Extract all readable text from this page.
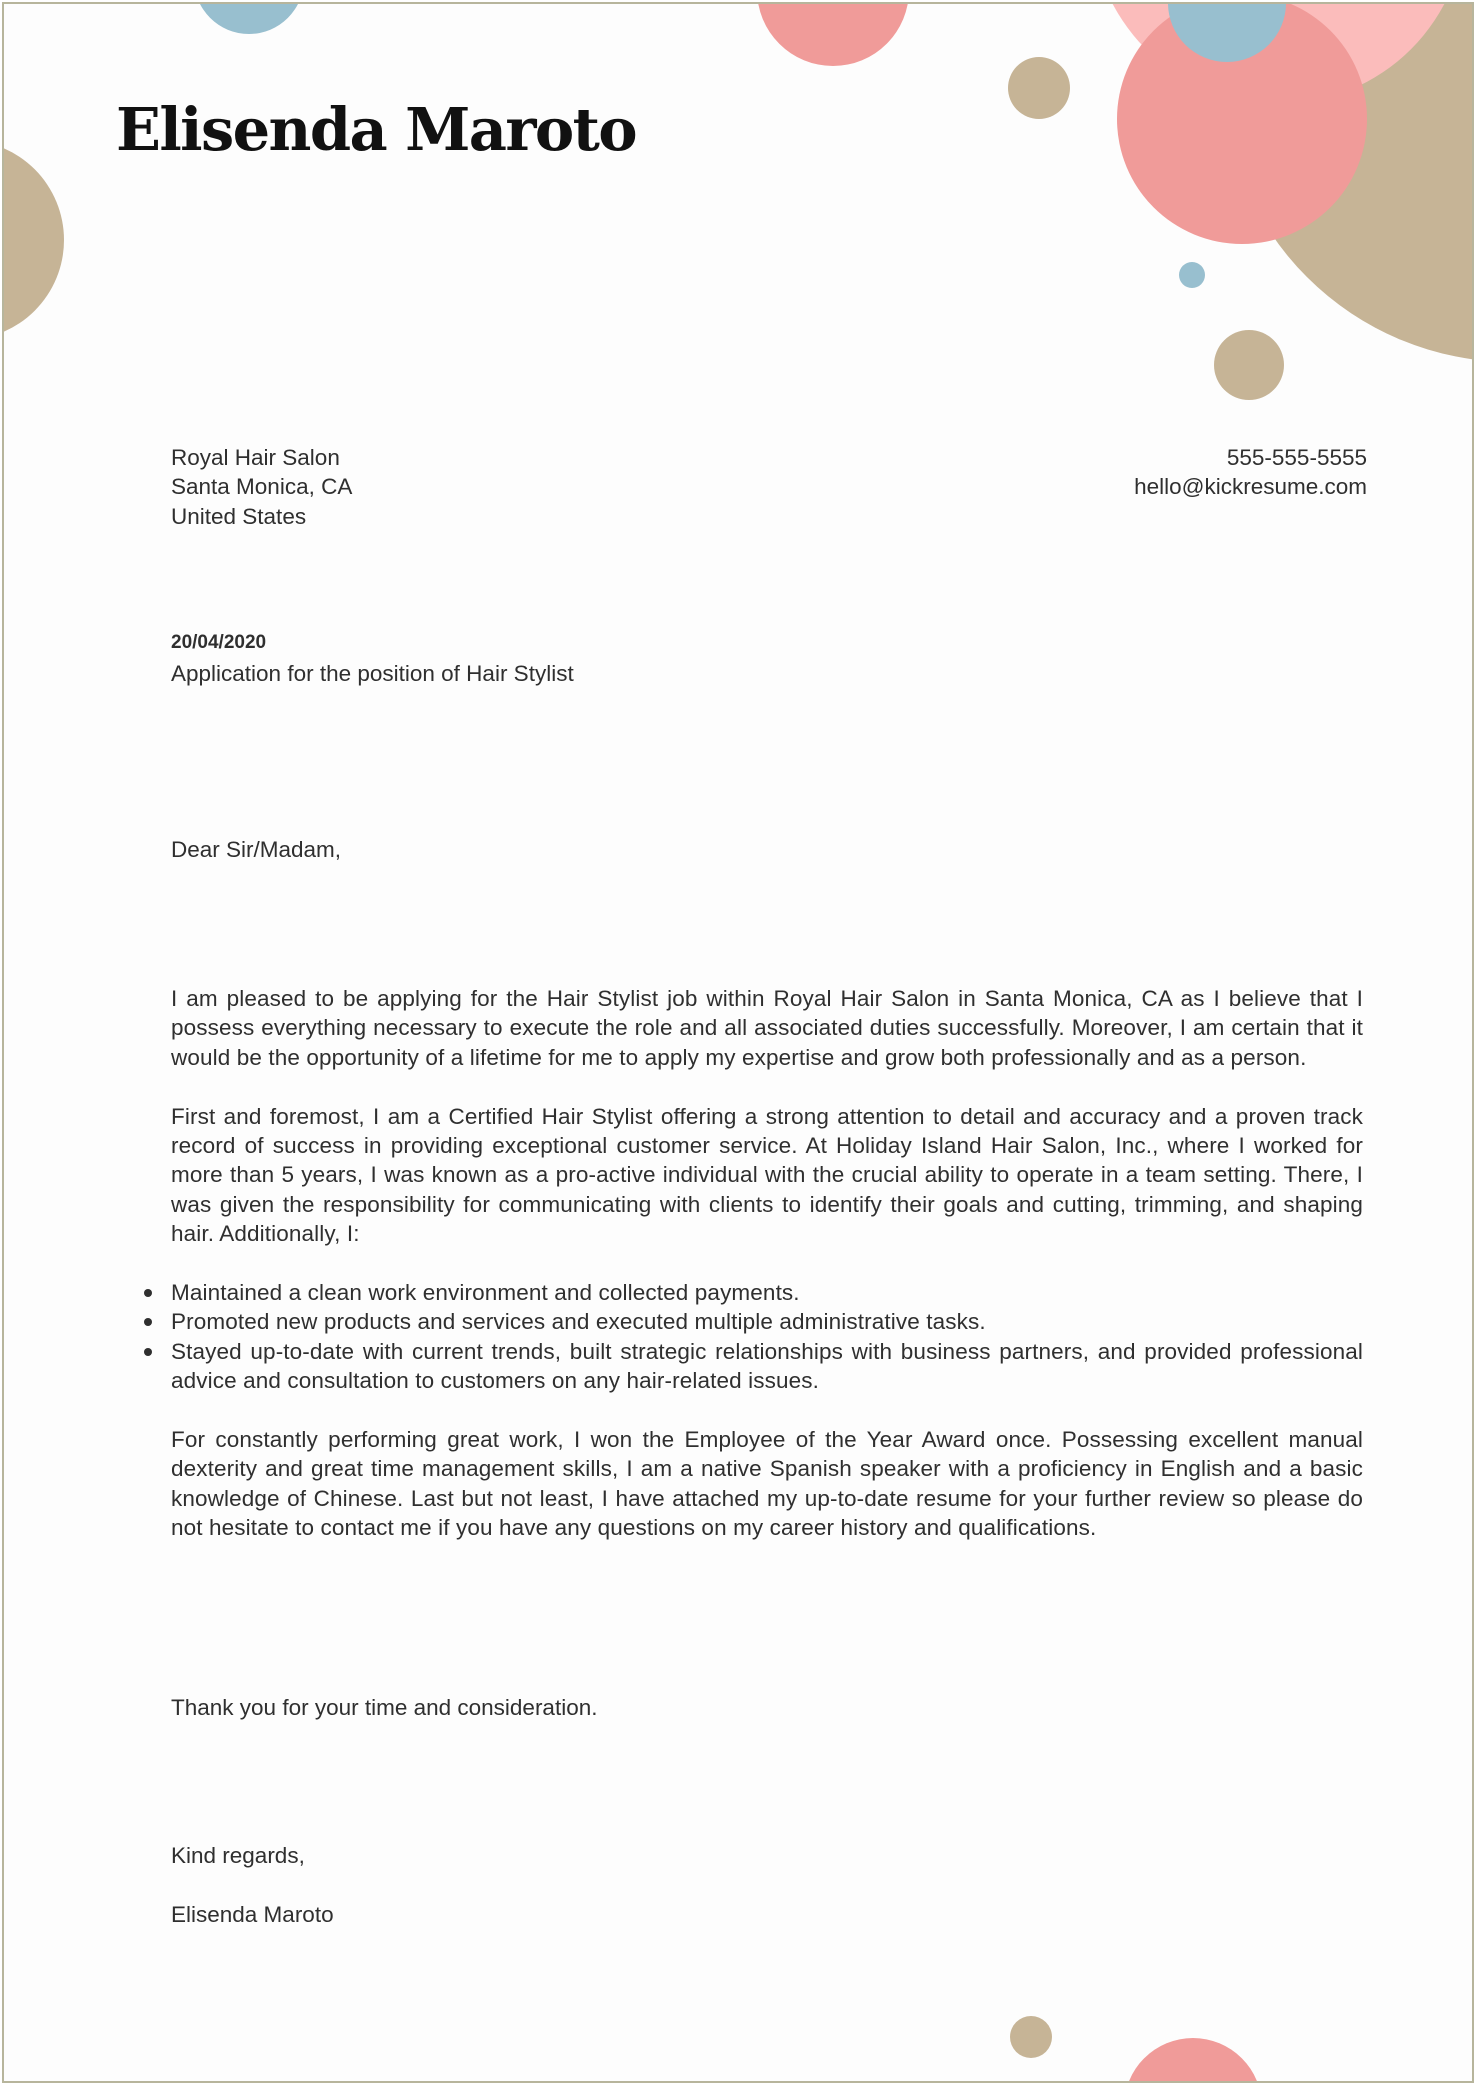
Elisenda Maroto
Royal Hair Salon
Santa Monica, CA
United States
555-555-5555
hello@kickresume.com
20/04/2020
Application for the position of Hair Stylist
Dear Sir/Madam,

I am pleased to be applying for the Hair Stylist job within Royal Hair Salon in Santa Monica, CA as I believe that I possess everything necessary to execute the role and all associated duties successfully. Moreover, I am certain that it would be the opportunity of a lifetime for me to apply my expertise and grow both professionally and as a person.

First and foremost, I am a Certified Hair Stylist offering a strong attention to detail and accuracy and a proven track record of success in providing exceptional customer service. At Holiday Island Hair Salon, Inc., where I worked for more than 5 years, I was known as a pro-active individual with the crucial ability to operate in a team setting. There, I was given the responsibility for communicating with clients to identify their goals and cutting, trimming, and shaping hair. Additionally, I:

Maintained a clean work environment and collected payments.
Promoted new products and services and executed multiple administrative tasks.
Stayed up-to-date with current trends, built strategic relationships with business partners, and provided professional advice and consultation to customers on any hair-related issues.

For constantly performing great work, I won the Employee of the Year Award once. Possessing excellent manual dexterity and great time management skills, I am a native Spanish speaker with a proficiency in English and a basic knowledge of Chinese. Last but not least, I have attached my up-to-date resume for your further review so please do not hesitate to contact me if you have any questions on my career history and qualifications.

Thank you for your time and consideration.
Kind regards,
Elisenda Maroto
